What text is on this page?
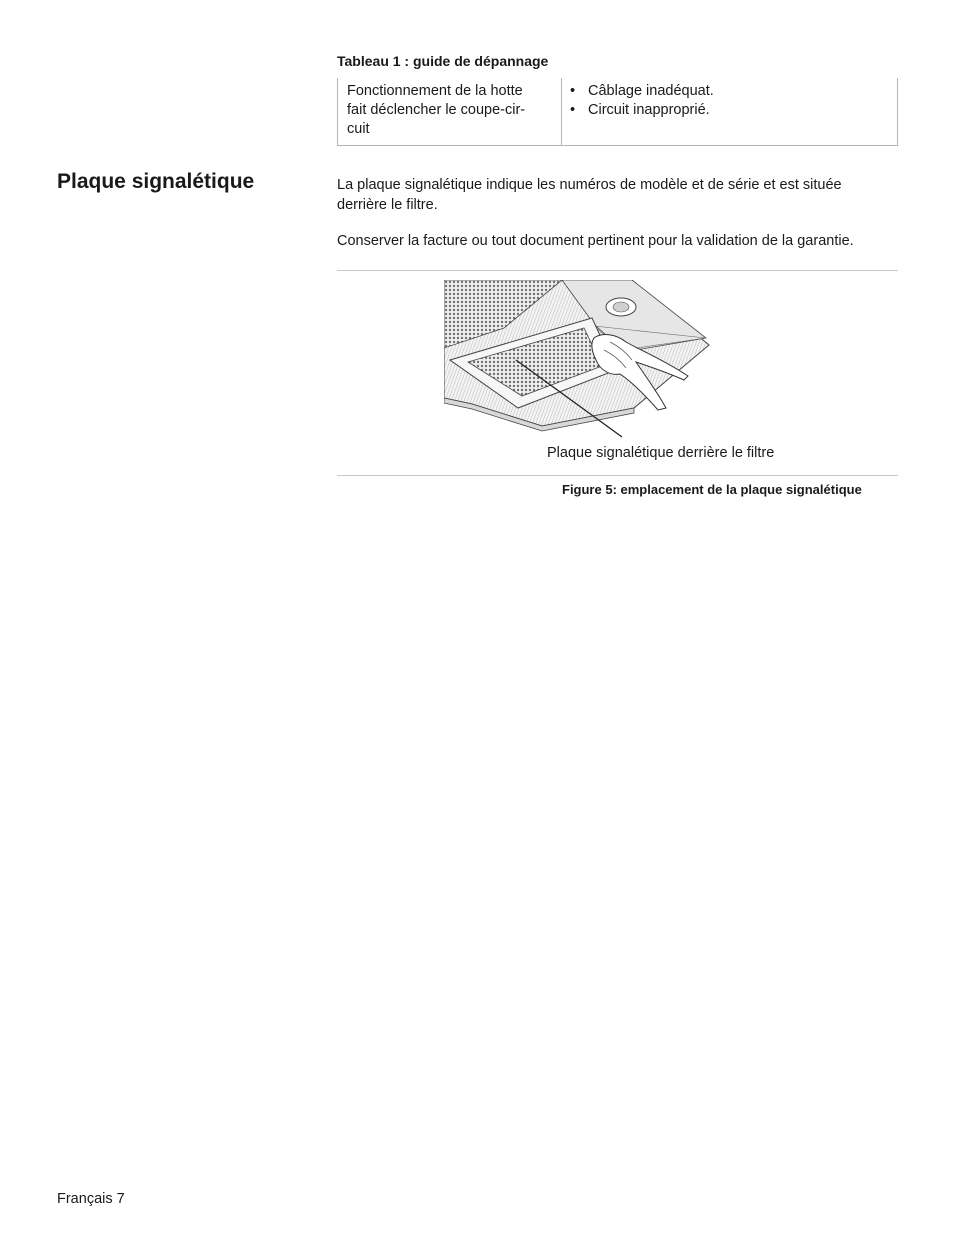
Tableau 1 : guide de dépannage
Fonctionnement de la hotte
fait déclencher le coupe-cir-
cuit
• Câblage inadéquat.
• Circuit inapproprié.
Plaque signalétique	La plaque signalétique indique les numéros de modèle et de série et est située
derrière le filtre.
Conserver la facture ou tout document pertinent pour la validation de la garantie.
Plaque signalétique derrière le filtre
Figure 5: emplacement de la plaque signalétique
Français 7
